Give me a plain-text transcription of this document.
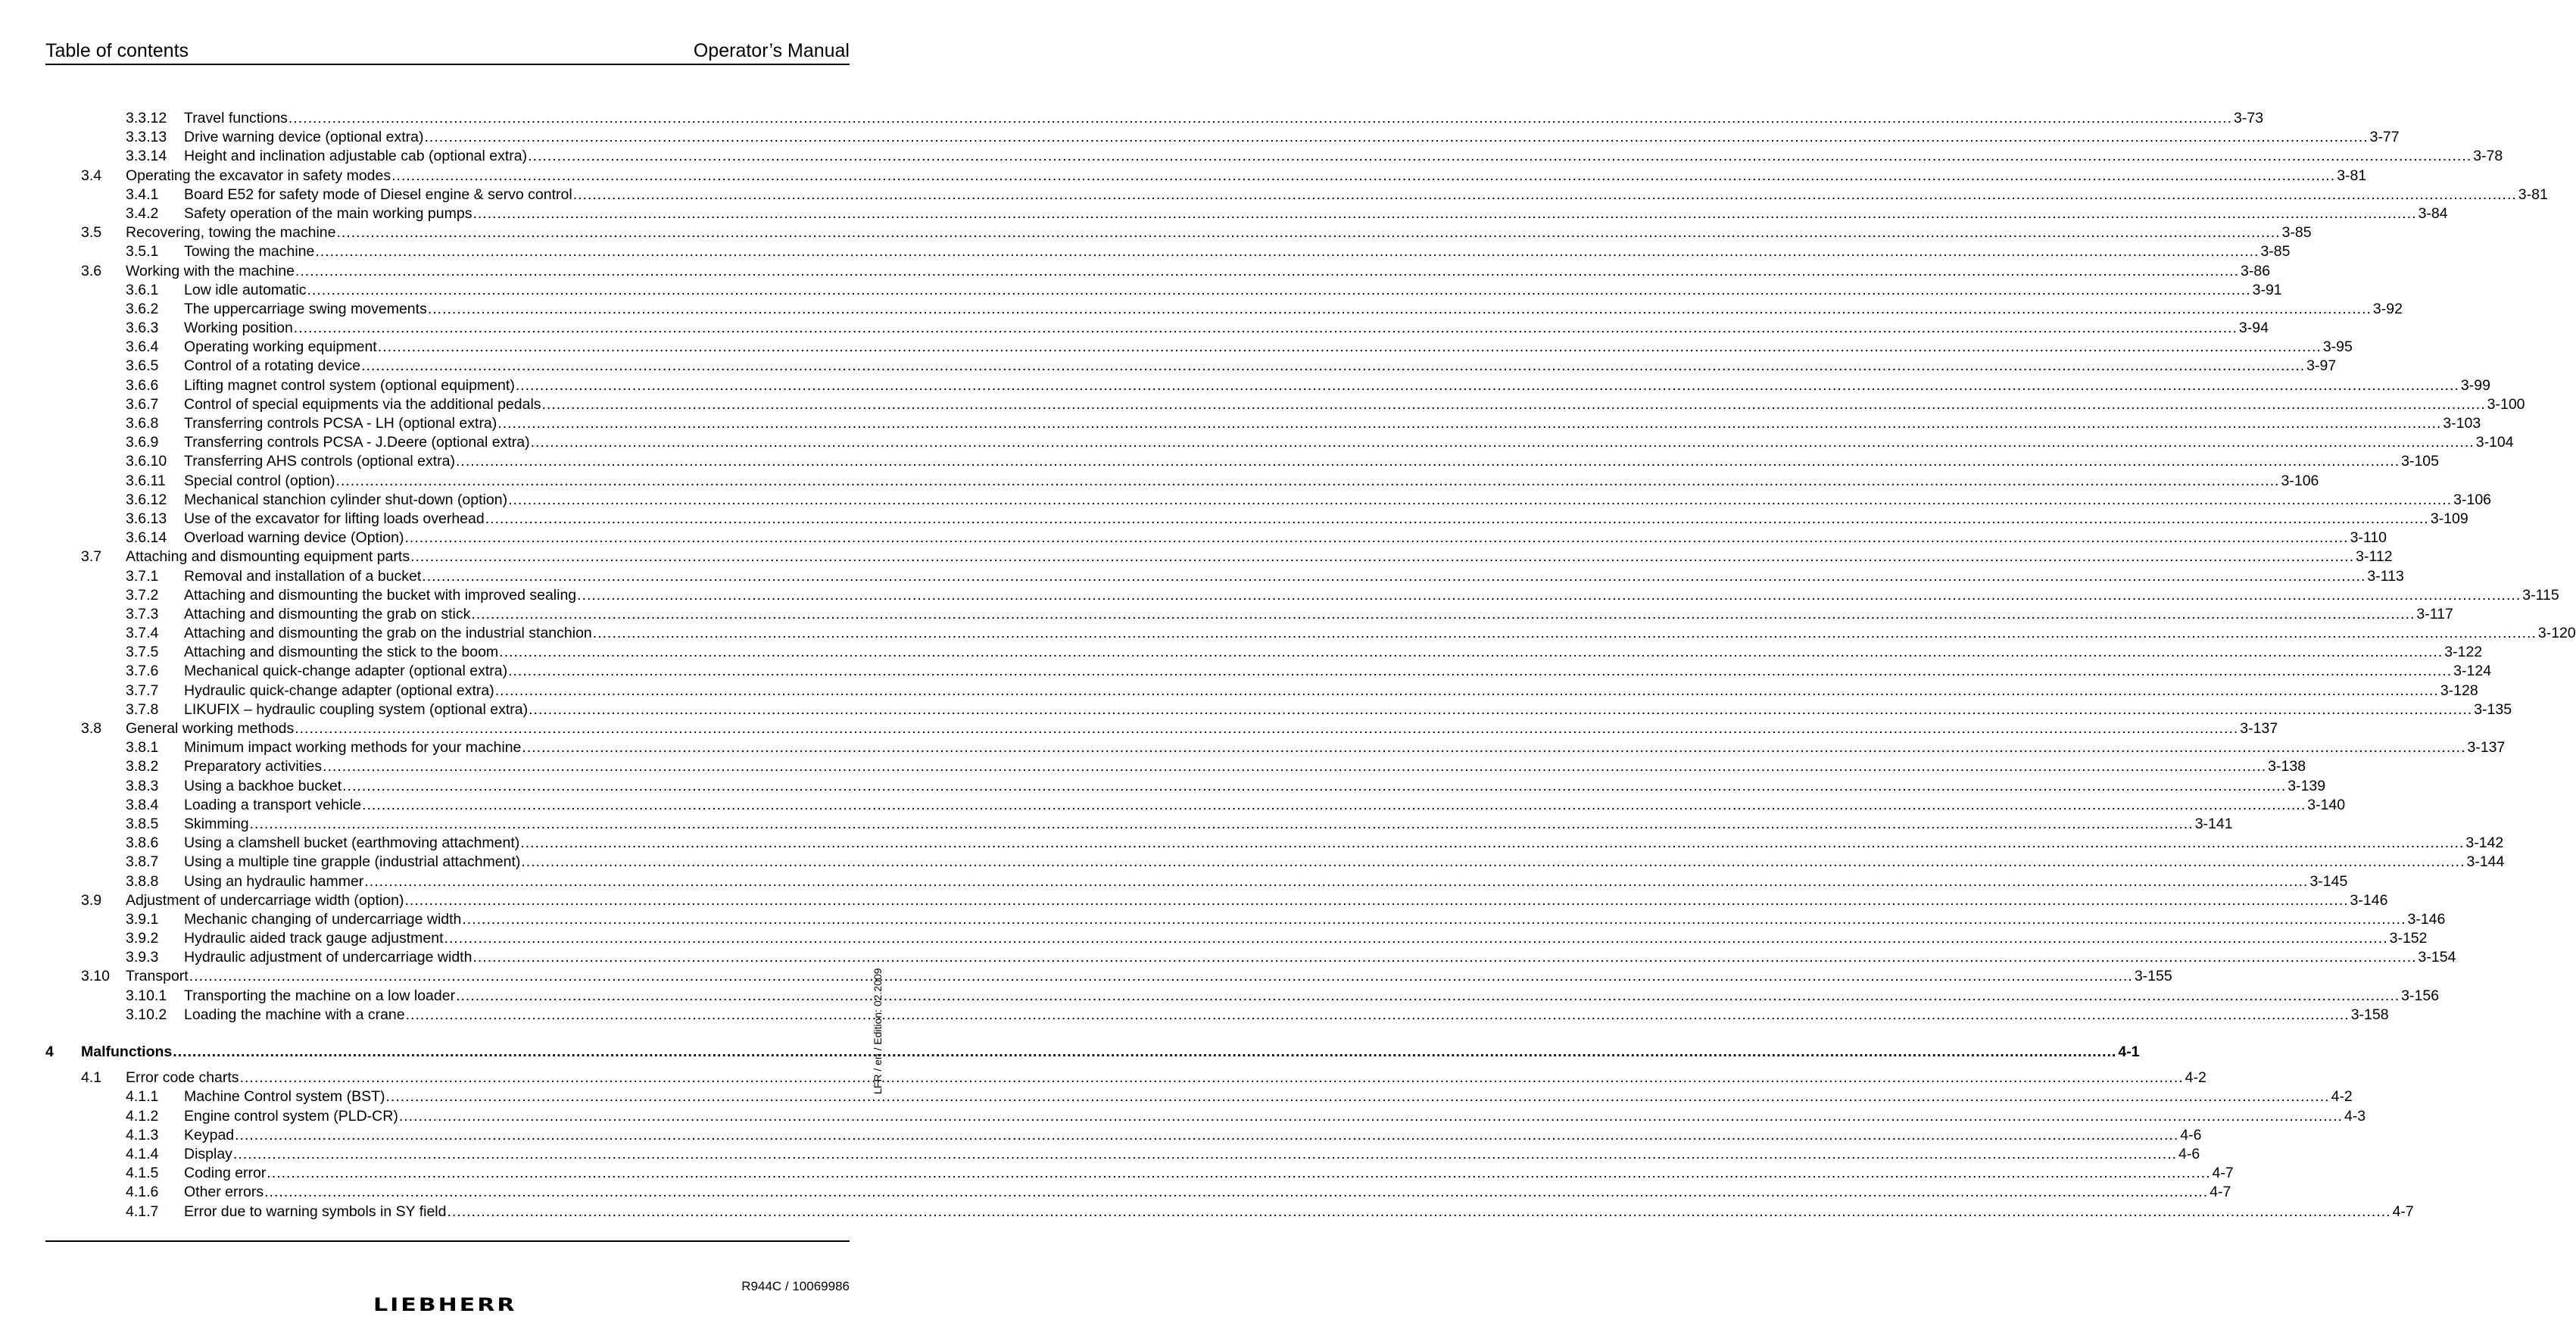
Table of contents	Operator’s Manual
3.3.12 Travel functions ................................................................................................................................................................................................................................................................................................................................................................................................................ 3-73
3.3.13 Drive warning device (optional extra) ................................................................................................................................................................................................................................................................................................................................................................................................................ 3-77
3.3.14 Height and inclination adjustable cab (optional extra) ................................................................................................................................................................................................................................................................................................................................................................................................................ 3-78
3.4 Operating the excavator in safety modes ................................................................................................................................................................................................................................................................................................................................................................................................................ 3-81
3.4.1 Board E52 for safety mode of Diesel engine & servo control ................................................................................................................................................................................................................................................................................................................................................................................................................ 3-81
3.4.2 Safety operation of the main working pumps ................................................................................................................................................................................................................................................................................................................................................................................................................ 3-84
3.5 Recovering, towing the machine ................................................................................................................................................................................................................................................................................................................................................................................................................ 3-85
3.5.1 Towing the machine ................................................................................................................................................................................................................................................................................................................................................................................................................ 3-85
3.6 Working with the machine ................................................................................................................................................................................................................................................................................................................................................................................................................ 3-86
3.6.1 Low idle automatic ................................................................................................................................................................................................................................................................................................................................................................................................................ 3-91
3.6.2 The uppercarriage swing movements ................................................................................................................................................................................................................................................................................................................................................................................................................ 3-92
3.6.3 Working position ................................................................................................................................................................................................................................................................................................................................................................................................................ 3-94
3.6.4 Operating working equipment ................................................................................................................................................................................................................................................................................................................................................................................................................ 3-95
3.6.5 Control of a rotating device ................................................................................................................................................................................................................................................................................................................................................................................................................ 3-97
3.6.6 Lifting magnet control system (optional equipment) ................................................................................................................................................................................................................................................................................................................................................................................................................ 3-99
3.6.7 Control of special equipments via the additional pedals ................................................................................................................................................................................................................................................................................................................................................................................................................ 3-100
3.6.8 Transferring controls PCSA - LH (optional extra) ................................................................................................................................................................................................................................................................................................................................................................................................................ 3-103
3.6.9 Transferring controls PCSA - J.Deere (optional extra) ................................................................................................................................................................................................................................................................................................................................................................................................................ 3-104
3.6.10 Transferring AHS controls (optional extra) ................................................................................................................................................................................................................................................................................................................................................................................................................ 3-105
3.6.11 Special control (option) ................................................................................................................................................................................................................................................................................................................................................................................................................ 3-106
3.6.12 Mechanical stanchion cylinder shut-down (option) ................................................................................................................................................................................................................................................................................................................................................................................................................ 3-106
3.6.13 Use of the excavator for lifting loads overhead ................................................................................................................................................................................................................................................................................................................................................................................................................ 3-109
3.6.14 Overload warning device (Option) ................................................................................................................................................................................................................................................................................................................................................................................................................ 3-110
3.7 Attaching and dismounting equipment parts ................................................................................................................................................................................................................................................................................................................................................................................................................ 3-112
3.7.1 Removal and installation of a bucket ................................................................................................................................................................................................................................................................................................................................................................................................................ 3-113
3.7.2 Attaching and dismounting the bucket with improved sealing ................................................................................................................................................................................................................................................................................................................................................................................................................ 3-115
3.7.3 Attaching and dismounting the grab on stick ................................................................................................................................................................................................................................................................................................................................................................................................................ 3-117
3.7.4 Attaching and dismounting the grab on the industrial stanchion ................................................................................................................................................................................................................................................................................................................................................................................................................ 3-120
3.7.5 Attaching and dismounting the stick to the boom ................................................................................................................................................................................................................................................................................................................................................................................................................ 3-122
3.7.6 Mechanical quick-change adapter (optional extra) ................................................................................................................................................................................................................................................................................................................................................................................................................ 3-124
3.7.7 Hydraulic quick-change adapter (optional extra) ................................................................................................................................................................................................................................................................................................................................................................................................................ 3-128
3.7.8 LIKUFIX – hydraulic coupling system (optional extra) ................................................................................................................................................................................................................................................................................................................................................................................................................ 3-135
3.8 General working methods ................................................................................................................................................................................................................................................................................................................................................................................................................ 3-137
3.8.1 Minimum impact working methods for your machine ................................................................................................................................................................................................................................................................................................................................................................................................................ 3-137
3.8.2 Preparatory activities ................................................................................................................................................................................................................................................................................................................................................................................................................ 3-138
3.8.3 Using a backhoe bucket ................................................................................................................................................................................................................................................................................................................................................................................................................ 3-139
3.8.4 Loading a transport vehicle ................................................................................................................................................................................................................................................................................................................................................................................................................ 3-140
3.8.5 Skimming ................................................................................................................................................................................................................................................................................................................................................................................................................ 3-141
3.8.6 Using a clamshell bucket (earthmoving attachment) ................................................................................................................................................................................................................................................................................................................................................................................................................ 3-142
3.8.7 Using a multiple tine grapple (industrial attachment) ................................................................................................................................................................................................................................................................................................................................................................................................................ 3-144
3.8.8 Using an hydraulic hammer ................................................................................................................................................................................................................................................................................................................................................................................................................ 3-145
3.9 Adjustment of undercarriage width (option) ................................................................................................................................................................................................................................................................................................................................................................................................................ 3-146
3.9.1 Mechanic changing of undercarriage width ................................................................................................................................................................................................................................................................................................................................................................................................................ 3-146
3.9.2 Hydraulic aided track gauge adjustment ................................................................................................................................................................................................................................................................................................................................................................................................................ 3-152
3.9.3 Hydraulic adjustment of undercarriage width ................................................................................................................................................................................................................................................................................................................................................................................................................ 3-154
3.10 Transport ................................................................................................................................................................................................................................................................................................................................................................................................................ 3-155
3.10.1 Transporting the machine on a low loader ................................................................................................................................................................................................................................................................................................................................................................................................................ 3-156
3.10.2 Loading the machine with a crane ................................................................................................................................................................................................................................................................................................................................................................................................................ 3-158
4 Malfunctions ................................................................................................................................................................................................................................................................................................................................................................................................................ 4-1
4.1 Error code charts ................................................................................................................................................................................................................................................................................................................................................................................................................ 4-2
4.1.1 Machine Control system (BST) ................................................................................................................................................................................................................................................................................................................................................................................................................ 4-2
4.1.2 Engine control system (PLD-CR) ................................................................................................................................................................................................................................................................................................................................................................................................................ 4-3
4.1.3 Keypad ................................................................................................................................................................................................................................................................................................................................................................................................................ 4-6
4.1.4 Display ................................................................................................................................................................................................................................................................................................................................................................................................................ 4-6
4.1.5 Coding error ................................................................................................................................................................................................................................................................................................................................................................................................................ 4-7
4.1.6 Other errors ................................................................................................................................................................................................................................................................................................................................................................................................................ 4-7
4.1.7 Error due to warning symbols in SY field ................................................................................................................................................................................................................................................................................................................................................................................................................ 4-7
LFR / en / Edition: 02.2009
R944C / 10069986
LIEBHERR
